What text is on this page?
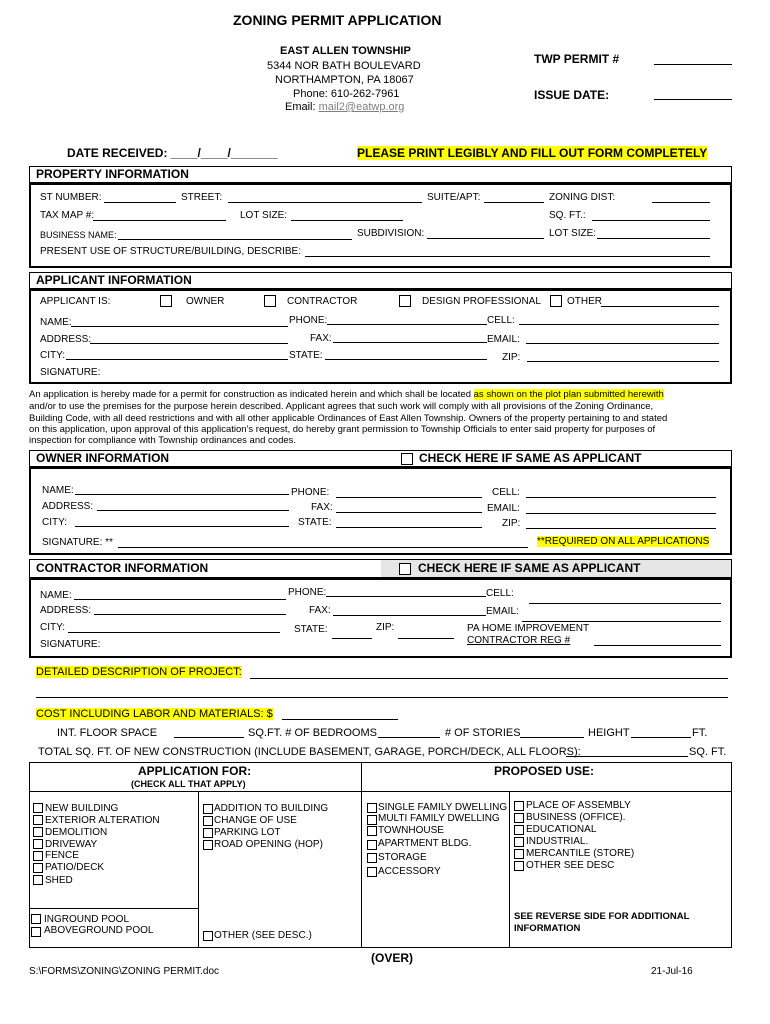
ZONING PERMIT APPLICATION
EAST ALLEN TOWNSHIP
5344 NOR BATH BOULEVARD
NORTHAMPTON, PA 18067
Phone: 610-262-7961
Email: mail2@eatwp.org
TWP PERMIT #
ISSUE DATE:
DATE RECEIVED: ____/____/_______	PLEASE PRINT LEGIBLY AND FILL OUT FORM COMPLETELY
PROPERTY INFORMATION
ST NUMBER:	STREET:	SUITE/APT:	ZONING DIST:
TAX MAP #:	LOT SIZE:	SQ. FT.:
BUSINESS NAME:	SUBDIVISION:	LOT SIZE:
PRESENT USE OF STRUCTURE/BUILDING, DESCRIBE:
APPLICANT INFORMATION
APPLICANT IS:	OWNER	CONTRACTOR	DESIGN PROFESSIONAL	OTHER
NAME:	PHONE:	CELL:
ADDRESS:	FAX:	EMAIL:
CITY:	STATE:	ZIP:
SIGNATURE:
An application is hereby made for a permit for construction as indicated herein and which shall be located as shown on the plot plan submitted herewith
and/or to use the premises for the purpose herein described. Applicant agrees that such work will comply with all provisions of the Zoning Ordinance,
Building Code, with all deed restrictions and with all other applicable Ordinances of East Allen Township. Owners of the property pertaining to and stated
on this application, upon approval of this application's request, do hereby grant permission to Township Officials to enter said property for purposes of
inspection for compliance with Township ordinances and codes.
OWNER INFORMATION	CHECK HERE IF SAME AS APPLICANT
NAME:	PHONE:	CELL:
ADDRESS:	FAX:	EMAIL:
CITY:	STATE:	ZIP:
SIGNATURE: **	**REQUIRED ON ALL APPLICATIONS
CONTRACTOR INFORMATION	CHECK HERE IF SAME AS APPLICANT
NAME:	PHONE:	CELL:
ADDRESS:	FAX:	EMAIL:
CITY:	STATE:	ZIP:	PA HOME IMPROVEMENT
CONTRACTOR REG #
SIGNATURE:
DETAILED DESCRIPTION OF PROJECT:
COST INCLUDING LABOR AND MATERIALS: $
INT. FLOOR SPACE	SQ.FT. # OF BEDROOMS	# OF STORIES	HEIGHT	FT.
TOTAL SQ. FT. OF NEW CONSTRUCTION (INCLUDE BASEMENT, GARAGE, PORCH/DECK, ALL FLOORS):	SQ. FT.
APPLICATION FOR:
(CHECK ALL THAT APPLY)
PROPOSED USE:
NEW BUILDING
EXTERIOR ALTERATION
DEMOLITION
DRIVEWAY
FENCE
PATIO/DECK
SHED
ADDITION TO BUILDING
CHANGE OF USE
PARKING LOT
ROAD OPENING (HOP)
INGROUND POOL
ABOVEGROUND POOL	OTHER (SEE DESC.)
SINGLE FAMILY DWELLING
MULTI FAMILY DWELLING
TOWNHOUSE
APARTMENT BLDG.
STORAGE
ACCESSORY
PLACE OF ASSEMBLY
BUSINESS (OFFICE).
EDUCATIONAL
INDUSTRIAL.
MERCANTILE (STORE)
OTHER SEE DESC
SEE REVERSE SIDE FOR ADDITIONAL
INFORMATION
(OVER)
S:\FORMS\ZONING\ZONING PERMIT.doc	21-Jul-16
